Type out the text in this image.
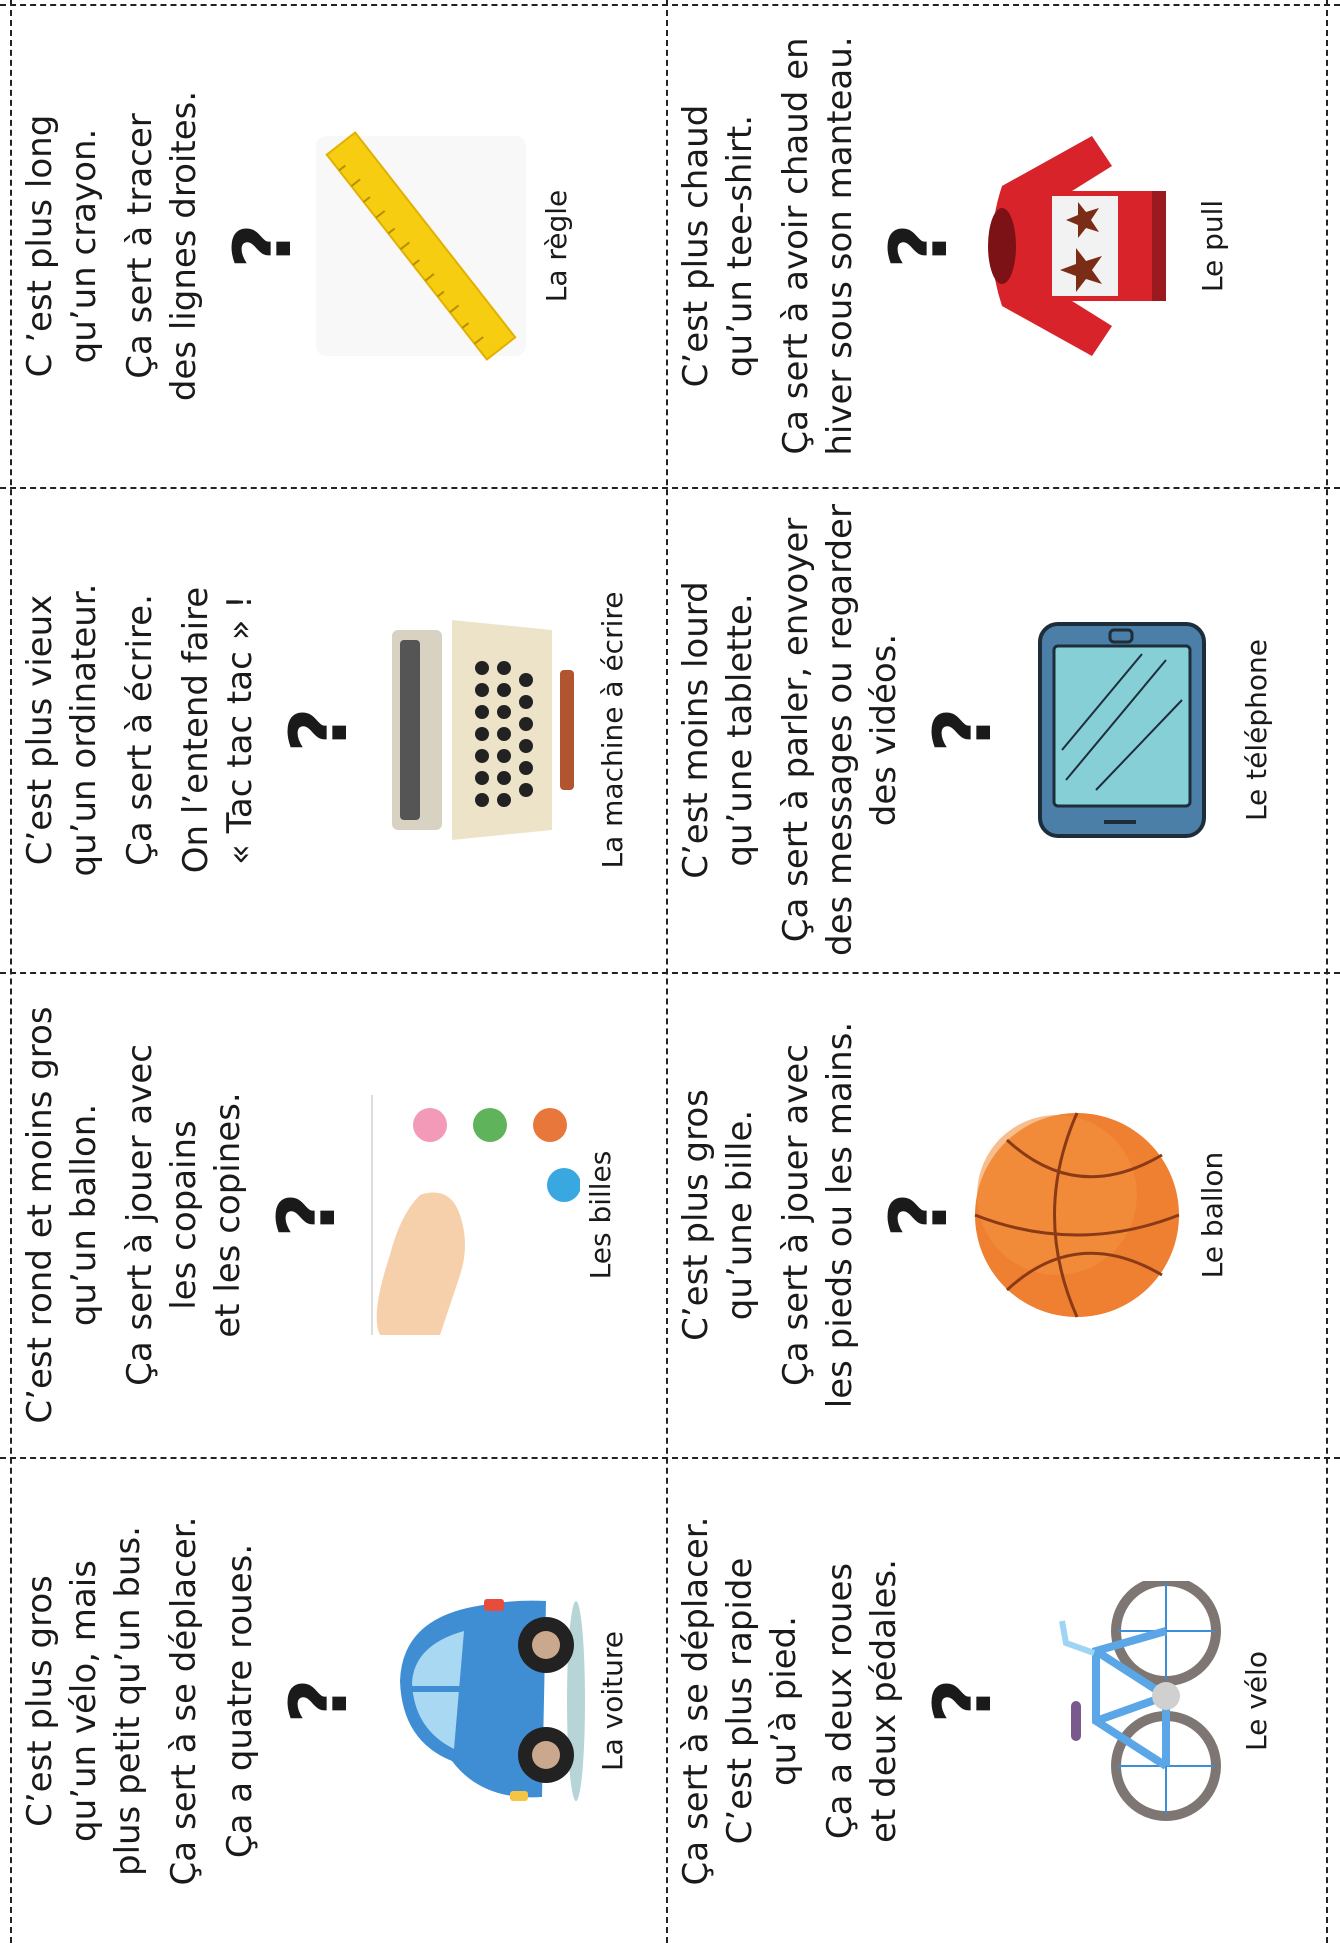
C’est plus gros qu’un vélo, mais plus petit qu’un bus. Ça sert à se déplacer. Ça a quatre roues. ?	La voiture
C’est rond et moins gros qu’un ballon. Ça sert à jouer avec les copains et les copines. ?	Les billes
C’est plus vieux qu’un ordinateur. Ça sert à écrire. On l’entend faire « Tac tac tac » ! ?	La machine à écrire
C ’est plus long qu’un crayon. Ça sert à tracer des lignes droites. ?	La règle
Ça sert à se déplacer. C’est plus rapide qu’à pied. Ça a deux roues et deux pédales. ?	Le vélo
C’est plus gros qu’une bille. Ça sert à jouer avec les pieds ou les mains. ?	Le ballon
C’est moins lourd qu’une tablette. Ça sert à parler, envoyer des messages ou regarder des vidéos. ?	Le téléphone
C’est plus chaud qu’un tee-shirt. Ça sert à avoir chaud en hiver sous son manteau. ?	Le pull
